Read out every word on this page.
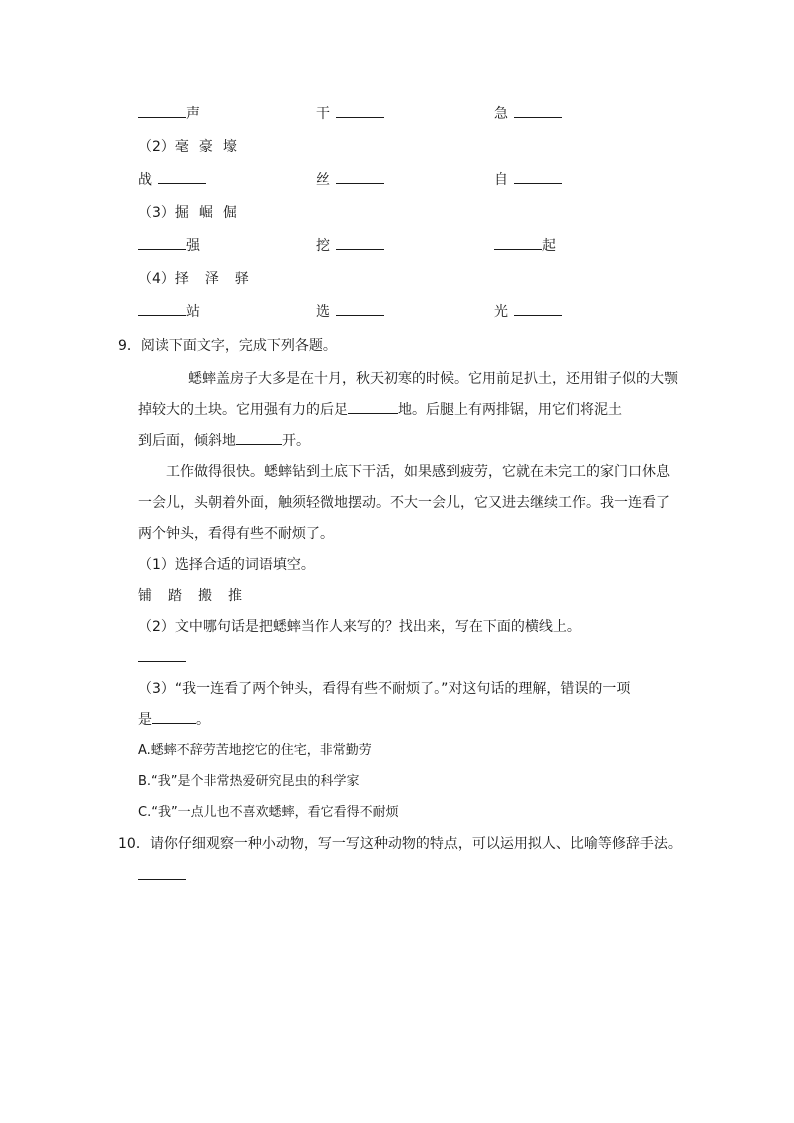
声	干	急
（2）毫 豪 壕
战	丝	自
（3）掘 崛 倔
强	挖	起
（4）择 泽 驿
站	选	光
9．阅读下面文字，完成下列各题。
蟋蟀盖房子大多是在十月，秋天初寒的时候。它用前足扒土，还用钳子似的大颚
掉较大的土块。它用强有力的后足	地。后腿上有两排锯，用它们将泥土
到后面，倾斜地	开。
工作做得很快。蟋蟀钻到土底下干活，如果感到疲劳，它就在未完工的家门口休息
一会儿，头朝着外面，触须轻微地摆动。不大一会儿，它又进去继续工作。我一连看了
两个钟头，看得有些不耐烦了。
（1）选择合适的词语填空。
铺 踏 搬 推
（2）文中哪句话是把蟋蟀当作人来写的？找出来，写在下面的横线上。
（3）“我一连看了两个钟头，看得有些不耐烦了。”对这句话的理解，错误的一项
是	。
A.蟋蟀不辞劳苦地挖它的住宅，非常勤劳
B.“我”是个非常热爱研究昆虫的科学家
C.“我”一点儿也不喜欢蟋蟀，看它看得不耐烦
10．请你仔细观察一种小动物，写一写这种动物的特点，可以运用拟人、比喻等修辞手法。
